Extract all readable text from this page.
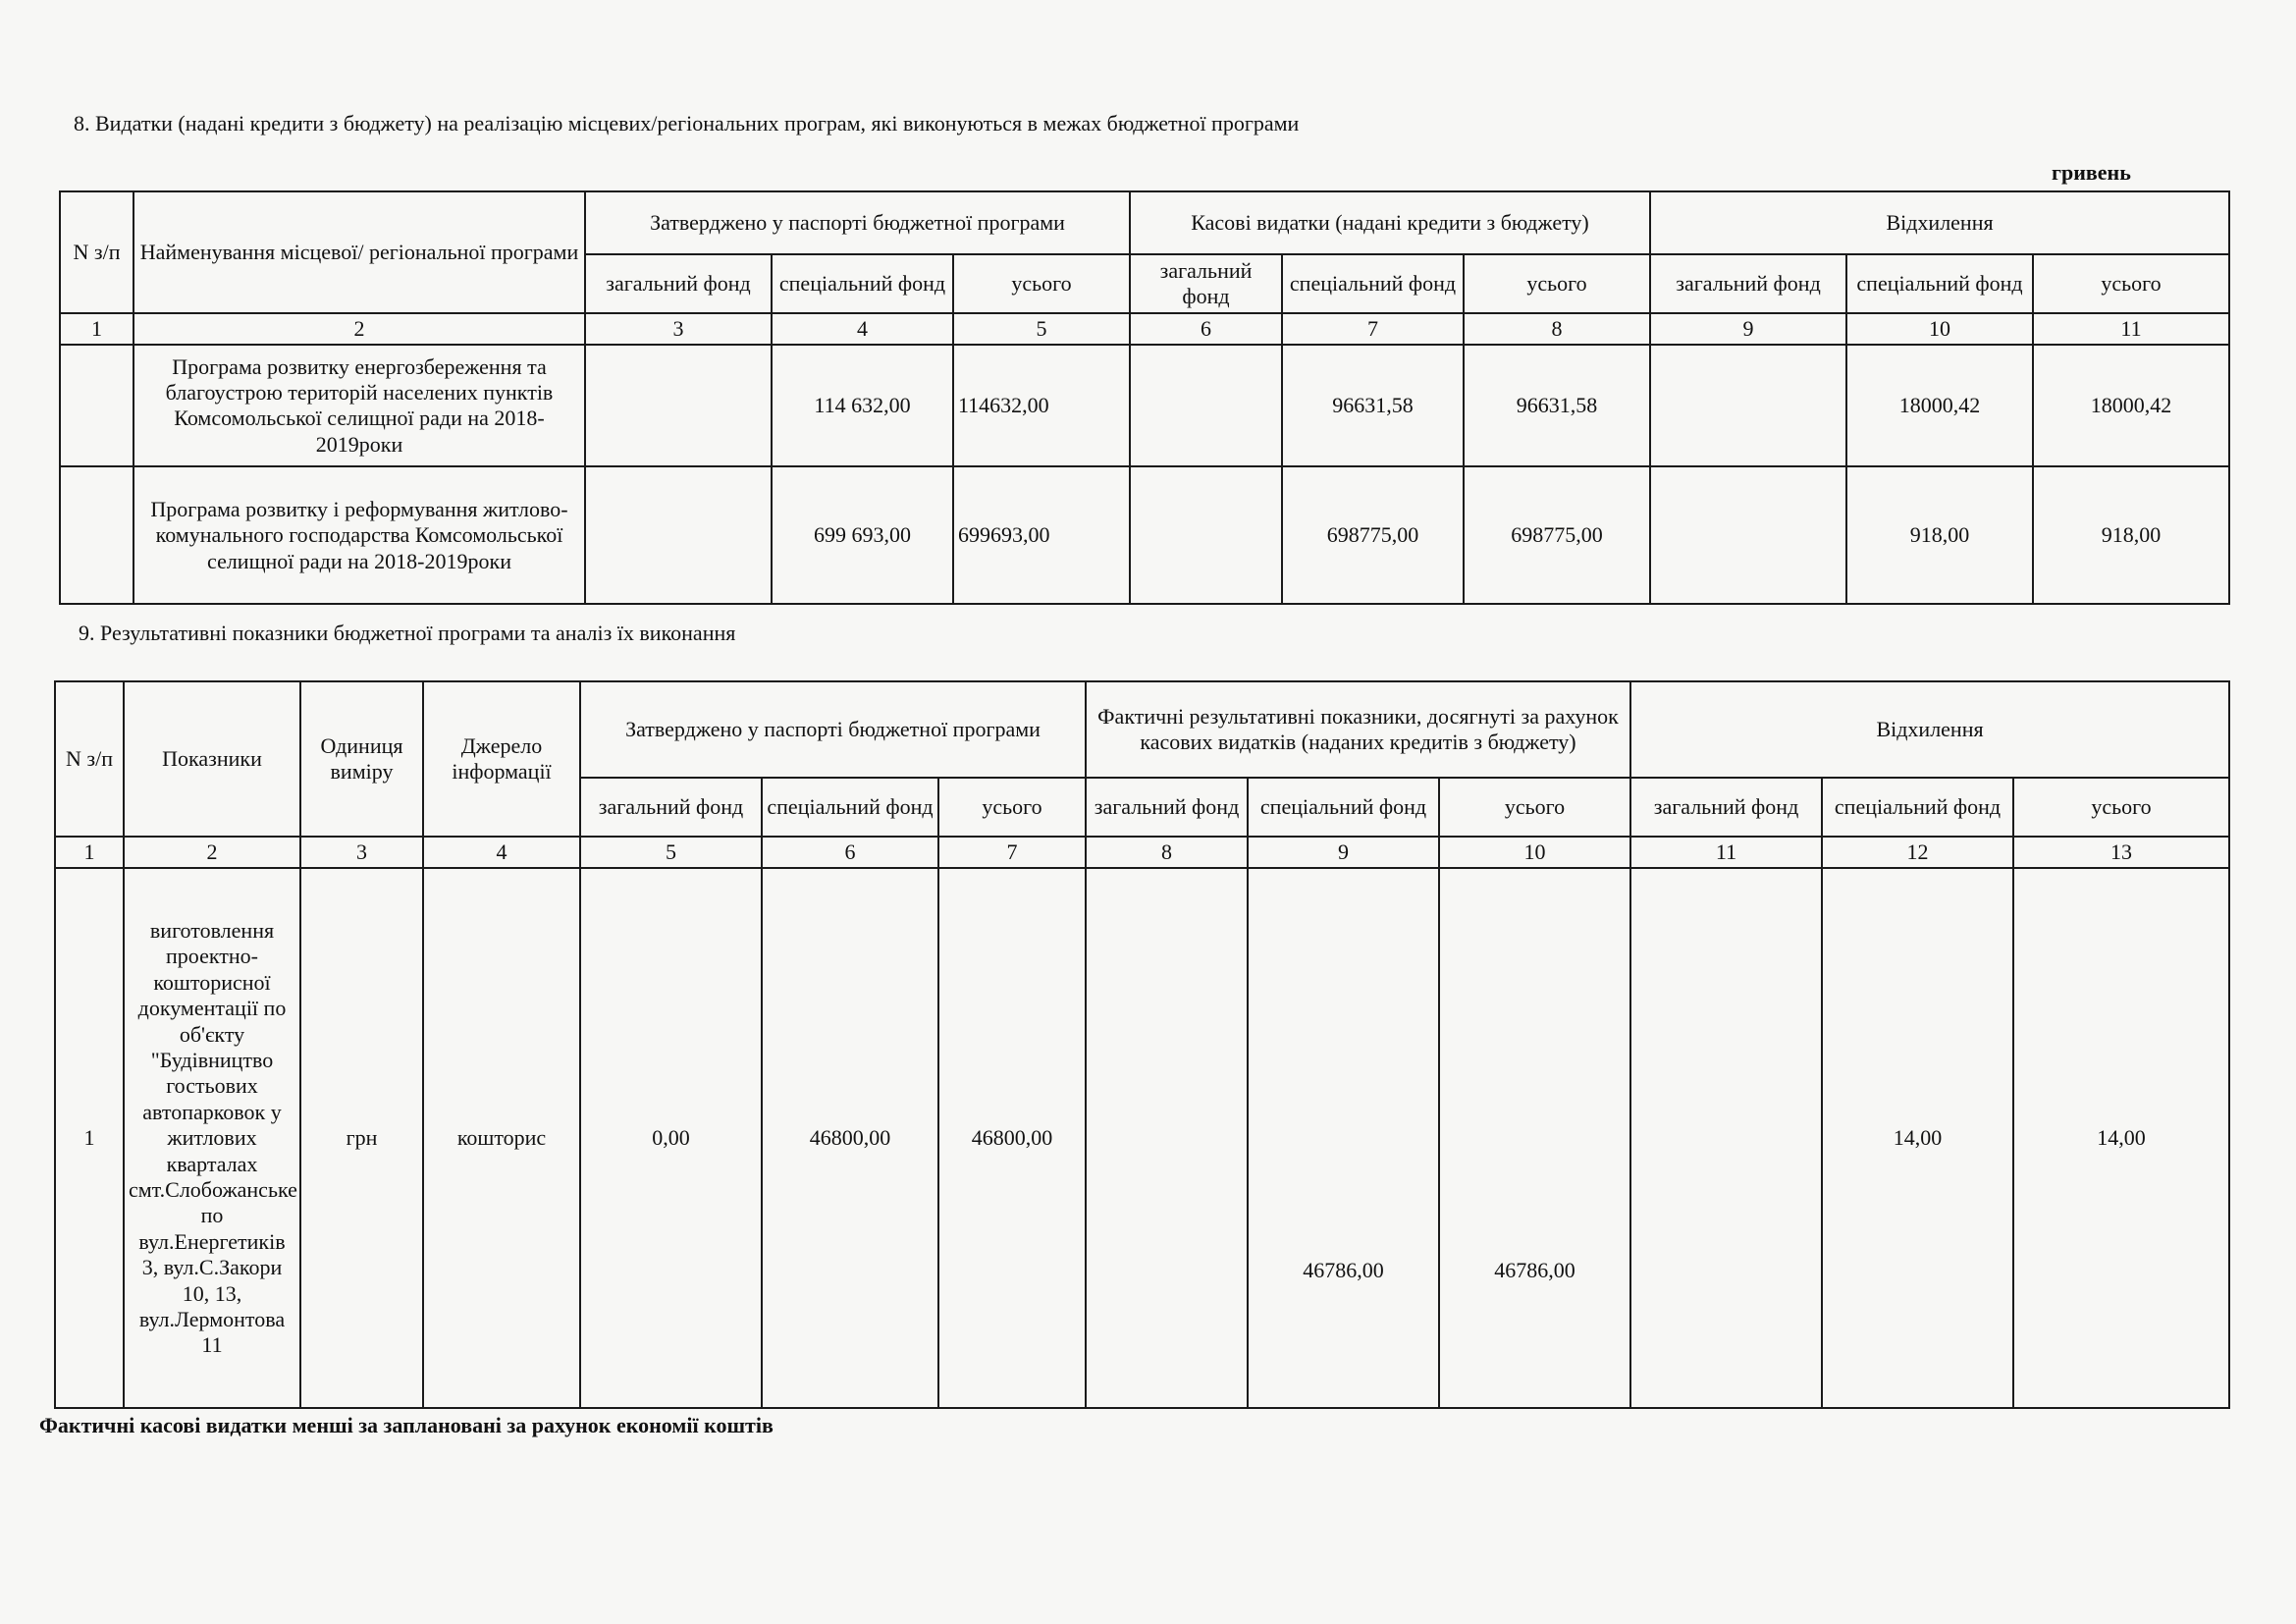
8. Видатки (надані кредити з бюджету) на реалізацію місцевих/регіональних програм, які виконуються в межах бюджетної програми
гривень
N з/п	Найменування місцевої/ регіональної програми	Затверджено у паспорті бюджетної програми			Касові видатки (надані кредити з бюджету)			Відхилення		
		загальний фонд	спеціальний фонд	усього	загальний фонд	спеціальний фонд	усього	загальний фонд	спеціальний фонд	усього
1	2	3	4	5	6	7	8	9	10	11
	Програма розвитку енергозбереження та благоустрою територій населених пунктів Комсомольської селищної ради на 2018-2019роки		114 632,00	114632,00		96631,58	96631,58		18000,42	18000,42
	Програма розвитку і реформування житлово-комунального господарства Комсомольської селищної ради на 2018-2019роки		699 693,00	699693,00		698775,00	698775,00		918,00	918,00
9. Результативні показники бюджетної програми та аналіз їх виконання
N з/п	Показники	Одиниця виміру	Джерело інформації	Затверджено у паспорті бюджетної програми			Фактичні результативні показники, досягнуті за рахунок касових видатків (наданих кредитів з бюджету)			Відхилення		
				загальний фонд	спеціальний фонд	усього	загальний фонд	спеціальний фонд	усього	загальний фонд	спеціальний фонд	усього
1	2	3	4	5	6	7	8	9	10	11	12	13
1	виготовлення проектно-кошторисної документації по об'єкту "Будівництво гостьових автопарковок у житлових кварталах смт.Слобожанське по вул.Енергетиків 3, вул.С.Закори 10, 13, вул.Лермонтова 11	грн	кошторис	0,00	46800,00	46800,00		46786,00	46786,00		14,00	14,00
Фактичні касові видатки менші за заплановані за рахунок економії коштів
